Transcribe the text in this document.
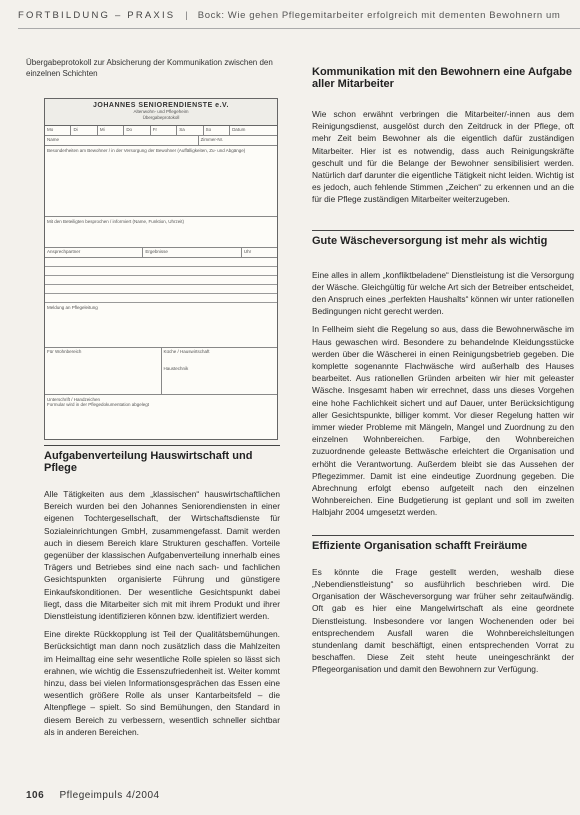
FORTBILDUNG – PRAXIS | Bock: Wie gehen Pflegemitarbeiter erfolgreich mit dementen Bewohnern um
Übergabeprotokoll zur Absicherung der Kommunikation zwischen den einzelnen Schichten
JOHANNES SENIORENDIENSTE e.V.
Altenwohn- und Pflegeheim
Übergabeprotokoll
Mo	Di	Mi	Do	Fr	Sa	So	Datum
Name	Zimmer-Nr.
Besonderheiten am Bewohner / in der Versorgung der Bewohner (Auffälligkeiten, Zu- und Abgänge)
Mit den Beteiligten besprochen / informiert (Name, Funktion, Uhrzeit)
Ansprechpartner	Ergebnisse	Uhr
Meldung an Pflegeleitung
Für Wohnbereich	Küche / Hauswirtschaft
Haustechnik
Unterschrift / Handzeichen
Formular wird in der Pflegedokumentation abgelegt
Aufgabenverteilung Hauswirtschaft und Pflege

Alle Tätigkeiten aus dem „klassischen“ hauswirtschaftlichen Bereich wurden bei den Johannes Seniorendiensten in einer eigenen Tochtergesellschaft, der Wirtschaftsdienste für Sozialeinrichtungen GmbH, zusammengefasst. Damit werden auch in diesem Bereich klare Strukturen geschaffen. Vorteile gegenüber der klassischen Aufgabenverteilung innerhalb eines Trägers und Betriebes sind eine nach sach- und fachlichen Gesichtspunkten organisierte Führung und günstigere Einkaufskonditionen. Der wesentliche Gesichtspunkt dabei liegt, dass die Mitarbeiter sich mit mit ihrem Produkt und ihrer Dienstleistung identifizieren können bzw. identifiziert werden.

Eine direkte Rückkopplung ist Teil der Qualitätsbemühungen. Berücksichtigt man dann noch zusätzlich dass die Mahlzeiten im Heimalltag eine sehr wesentliche Rolle spielen so lässt sich erahnen, wie wichtig die Essenszufriedenheit ist. Weiter kommt hinzu, dass bei vielen Informationsgesprächen das Essen eine wesentlich größere Rolle als unser Kantarbeitsfeld – die Altenpflege – spielt. So sind Bemühungen, den Standard in diesem Bereich zu verbessern, wesentlich schneller sichtbar als in anderen Bereichen.

Kommunikation mit den Bewohnern eine Aufgabe aller Mitarbeiter

Wie schon erwähnt verbringen die Mitarbeiter/-innen aus dem Reinigungsdienst, ausgelöst durch den Zeitdruck in der Pflege, oft mehr Zeit beim Bewohner als die eigentlich dafür zuständigen Mitarbeiter. Hier ist es notwendig, dass auch Reinigungskräfte geschult und für die Belange der Bewohner sensibilisiert werden. Natürlich darf darunter die eigentliche Tätigkeit nicht leiden. Wichtig ist es jedoch, auch fehlende Stimmen „Zeichen“ zu erkennen und an die für die Pflege zuständigen Mitarbeiter weiterzugeben.

Gute Wäscheversorgung ist mehr als wichtig

Eine alles in allem „konfliktbeladene“ Dienstleistung ist die Versorgung der Wäsche. Gleichgültig für welche Art sich der Betreiber entscheidet, den Anspruch eines „perfekten Haushalts“ können wir unter rationellen Bedingungen nicht gerecht werden.

In Fellheim sieht die Regelung so aus, dass die Bewohnerwäsche im Haus gewaschen wird. Besondere zu behandelnde Kleidungsstücke werden über die Wäscherei in einen Reinigungsbetrieb gegeben. Die komplette sogenannte Flachwäsche wird außerhalb des Hauses bearbeitet. Aus rationellen Gründen arbeiten wir hier mit geleaster Wäsche. Insgesamt haben wir errechnet, dass uns dieses Vorgehen eine hohe Fachlichkeit sichert und auf Dauer, unter Berücksichtigung aller Gesichtspunkte, billiger kommt. Vor dieser Regelung hatten wir immer wieder Probleme mit Mängeln, Mangel und Zuordnung zu den einzelnen Wohnbereichen. Farbige, den Wohnbereichen zuzuordnende geleaste Bettwäsche erleichtert die Organisation und erhöht die Verantwortung. Außerdem bleibt sie das Aussehen der Pflegezimmer. Damit ist eine eindeutige Zuordnung gegeben. Die Abrechnung erfolgt ebenso aufgeteilt nach den einzelnen Wohnbereichen. Eine Budgetierung ist geplant und soll im zweiten Halbjahr 2004 umgesetzt werden.

Effiziente Organisation schafft Freiräume

Es könnte die Frage gestellt werden, weshalb diese „Nebendienstleistung“ so ausführlich beschrieben wird. Die Organisation der Wäscheversorgung war früher sehr zeitaufwändig. Oft gab es hier eine Mangelwirtschaft als eine geordnete Dienstleistung. Insbesondere vor langen Wochenenden oder bei entsprechendem Ausfall waren die Wohnbereichsleitungen stundenlang damit beschäftigt, einen entsprechenden Vorrat zu beschaffen. Diese Zeit steht heute uneingeschränkt der Pflegeorganisation und damit den Bewohnern zur Verfügung.

106 Pflegeimpuls 4/2004
